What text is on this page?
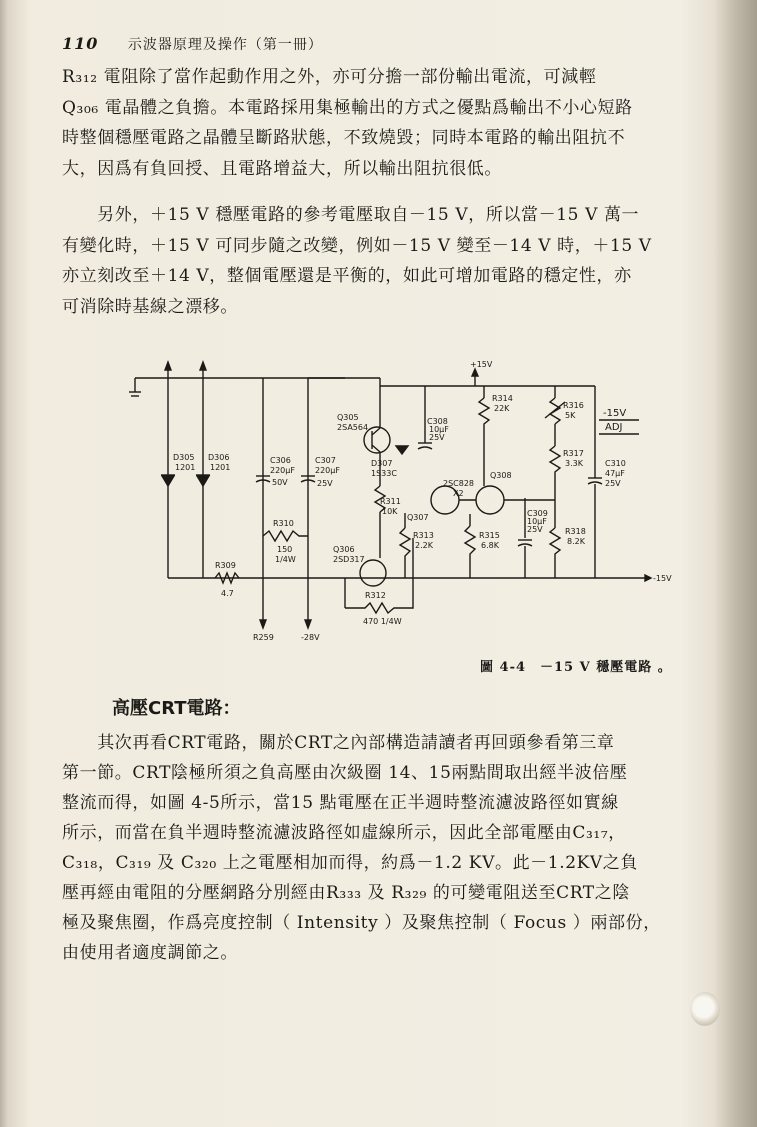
110 示波器原理及操作（第一冊）
R₃₁₂ 電阻除了當作起動作用之外，亦可分擔一部份輸出電流，可減輕
Q₃₀₆ 電晶體之負擔。本電路採用集極輸出的方式之優點爲輸出不小心短路
時整個穩壓電路之晶體呈斷路狀態，不致燒毀；同時本電路的輸出阻抗不
大，因爲有負回授、且電路增益大，所以輸出阻抗很低。
　　另外，＋15 V 穩壓電路的參考電壓取自－15 V，所以當－15 V 萬一
有變化時，＋15 V 可同步隨之改變，例如－15 V 變至－14 V 時，＋15 V
亦立刻改至＋14 V，整個電壓還是平衡的，如此可增加電路的穩定性，亦
可消除時基線之漂移。
D305
1201
D306
1201
-15V
R309
4.7
C306
220μF
50V
R259
C307
220μF
25V
-28V
R310
150
1/4W
Q305
2SA564
D307
1S33C
R311
10K
Q306
2SD317
R312
470 1/4W
C308
10μF
25V
+15V
Q307
2SC828
X2
Q308
R313
2.2K
R314
22K
R315
6.8K
C309
10μF
25V
R316
5K
R317
3.3K
R318
8.2K
C310
47μF
25V
-15V
ADJ
圖 4-4　－15 V 穩壓電路 。
高壓CRT電路：
　　其次再看CRT電路，關於CRT之內部構造請讀者再回頭參看第三章
第一節。CRT陰極所須之負高壓由次級圈 14、15兩點間取出經半波倍壓
整流而得，如圖 4-5所示，當15 點電壓在正半週時整流濾波路徑如實線
所示，而當在負半週時整流濾波路徑如虛線所示，因此全部電壓由C₃₁₇，
C₃₁₈，C₃₁₉ 及 C₃₂₀ 上之電壓相加而得，約爲－1.2 KV。此－1.2KV之負
壓再經由電阻的分壓網路分別經由R₃₃₃ 及 R₃₂₉ 的可變電阻送至CRT之陰
極及聚焦圈，作爲亮度控制（ Intensity ）及聚焦控制（ Focus ）兩部份，
由使用者適度調節之。
